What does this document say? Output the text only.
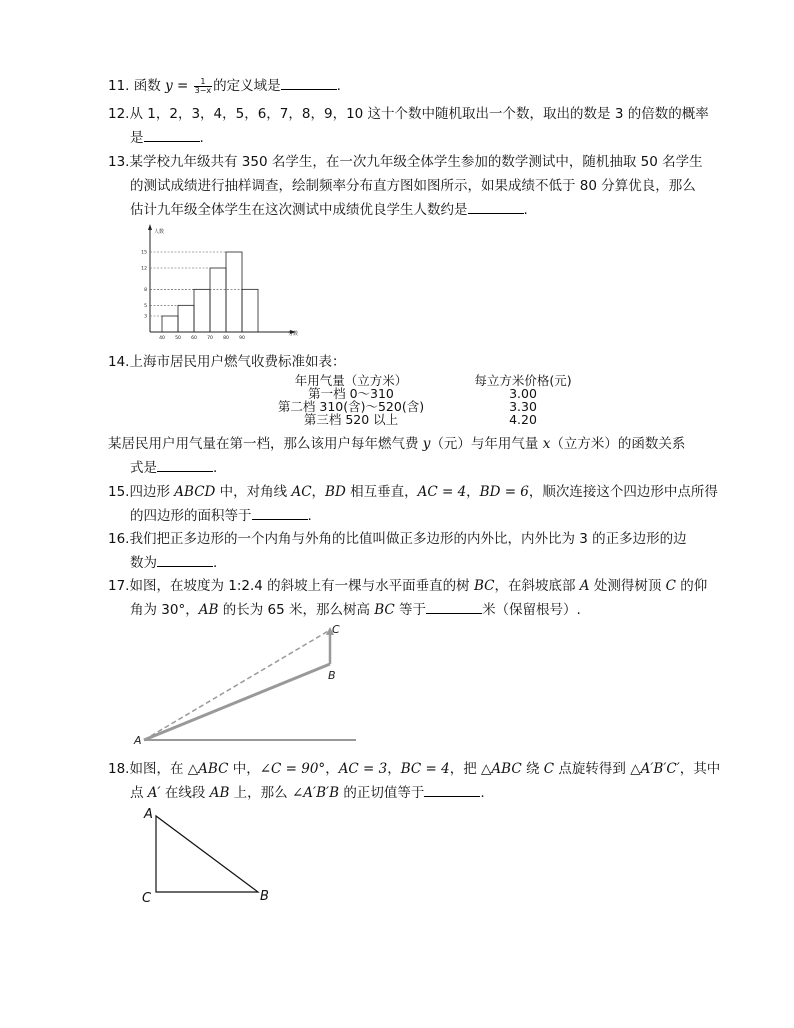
11. 函数 $y = \frac{1}{3-x}$ 的定义域是	.
12.从 1，2，3，4，5，6，7，8，9，10 这十个数中随机取出一个数，取出的数是 3 的倍数的概率
是	.
13.某学校九年级共有 350 名学生，在一次九年级全体学生参加的数学测试中，随机抽取 50 名学生
的测试成绩进行抽样调查，绘制频率分布直方图如图所示，如果成绩不低于 80 分算优良，那么
估计九年级全体学生在这次测试中成绩优良学生人数约是	.
人数
分数
15
12
8
5
3
40 50 60 70 80 90
14.上海市居民用户燃气收费标准如表：
年用气量（立方米）	每立方米价格(元)
第一档 0～310	3.00
第二档 310(含)～520(含)	3.30
第三档 520 以上	4.20
某居民用户用气量在第一档，那么该用户每年燃气费 y（元）与年用气量 x（立方米）的函数关系
式是	.
15.四边形 ABCD 中，对角线 AC，BD 相互垂直，AC = 4，BD = 6，顺次连接这个四边形中点所得
的四边形的面积等于	.
16.我们把正多边形的一个内角与外角的比值叫做正多边形的内外比，内外比为 3 的正多边形的边
数为	.
17.如图，在坡度为 1:2.4 的斜坡上有一棵与水平面垂直的树 BC，在斜坡底部 A 处测得树顶 C 的仰
角为 30°，AB 的长为 65 米，那么树高 BC 等于	米（保留根号）.
A
B
C
18.如图，在 △ABC 中，∠C = 90°，AC = 3，BC = 4，把 △ABC 绕 C 点旋转得到 △A′B′C′，其中
点 A′ 在线段 AB 上，那么 ∠A′B′B 的正切值等于	.
A
C	B
